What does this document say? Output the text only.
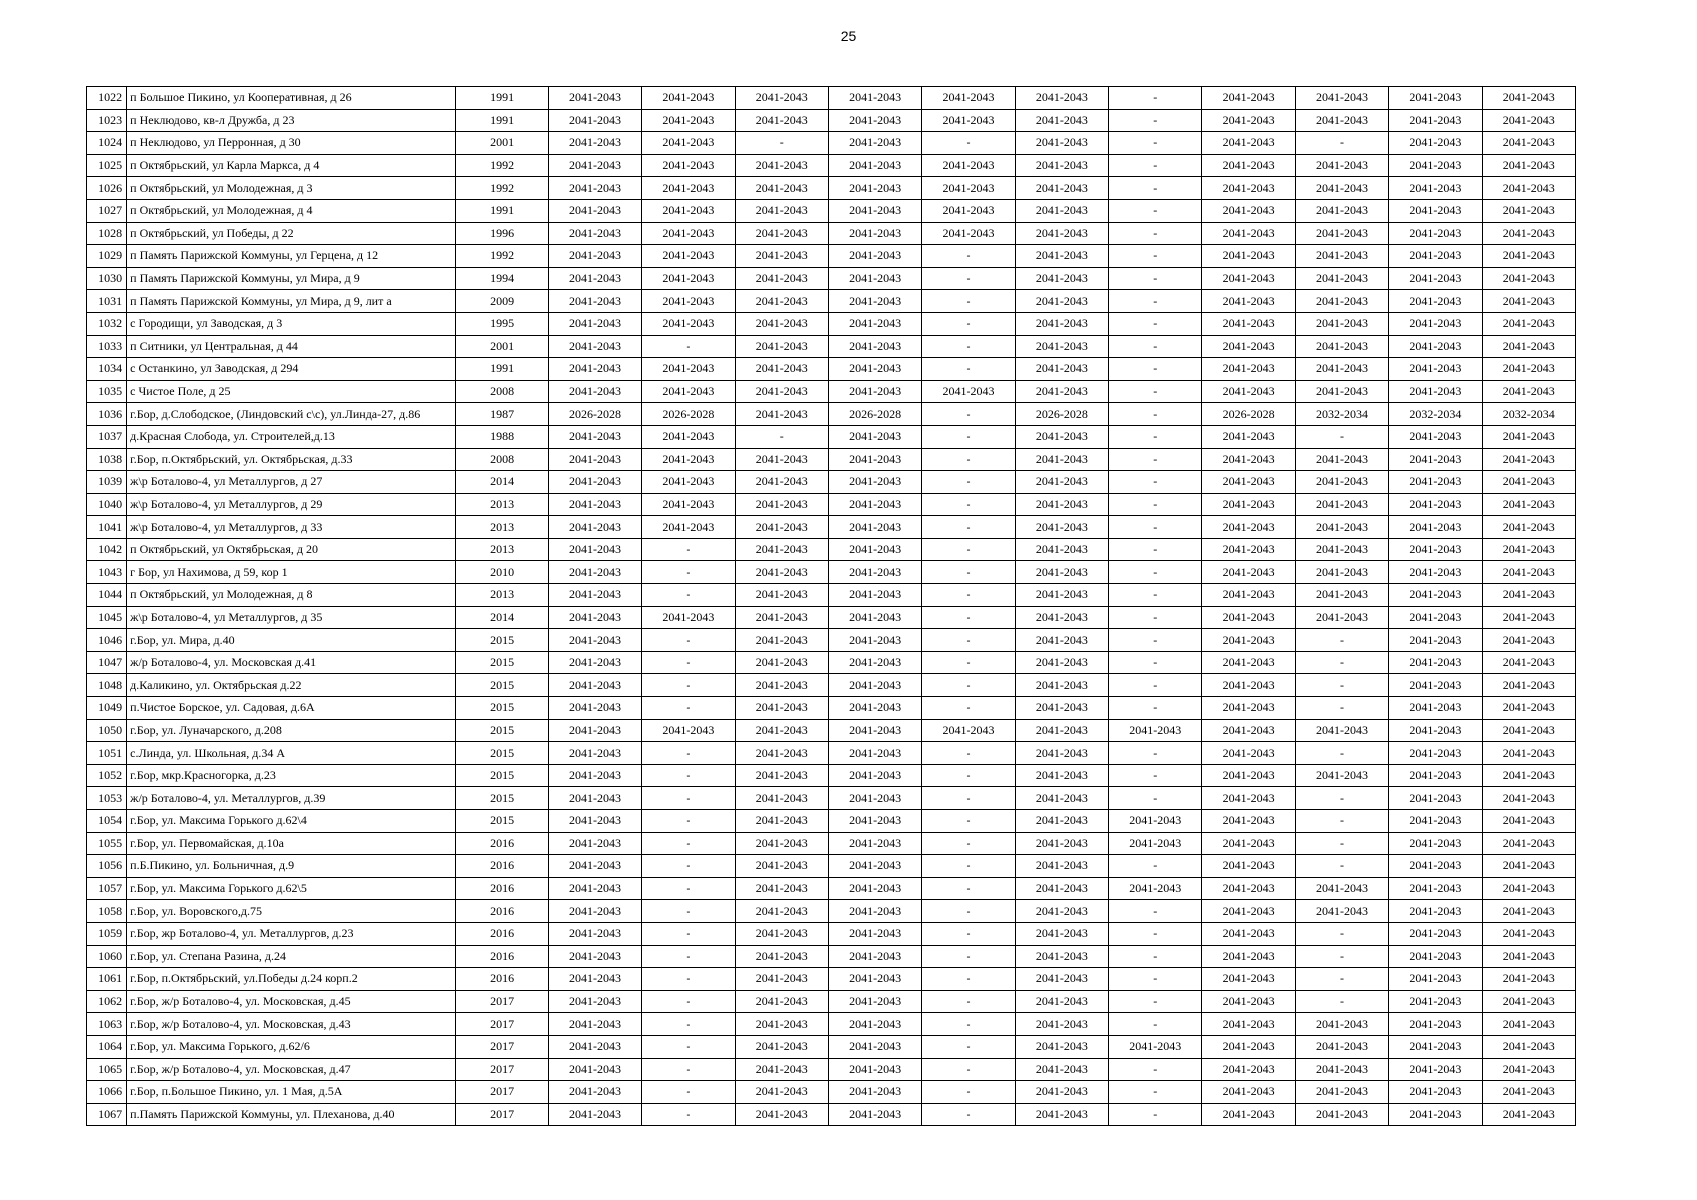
25
1022	п Большое Пикино, ул Кооперативная, д 26	1991	2041-2043	2041-2043	2041-2043	2041-2043	2041-2043	2041-2043	-	2041-2043	2041-2043	2041-2043	2041-2043
1023	п Неклюдово, кв-л Дружба, д 23	1991	2041-2043	2041-2043	2041-2043	2041-2043	2041-2043	2041-2043	-	2041-2043	2041-2043	2041-2043	2041-2043
1024	п Неклюдово, ул Перронная, д 30	2001	2041-2043	2041-2043	-	2041-2043	-	2041-2043	-	2041-2043	-	2041-2043	2041-2043
1025	п Октябрьский, ул Карла Маркса, д 4	1992	2041-2043	2041-2043	2041-2043	2041-2043	2041-2043	2041-2043	-	2041-2043	2041-2043	2041-2043	2041-2043
1026	п Октябрьский, ул Молодежная, д 3	1992	2041-2043	2041-2043	2041-2043	2041-2043	2041-2043	2041-2043	-	2041-2043	2041-2043	2041-2043	2041-2043
1027	п Октябрьский, ул Молодежная, д 4	1991	2041-2043	2041-2043	2041-2043	2041-2043	2041-2043	2041-2043	-	2041-2043	2041-2043	2041-2043	2041-2043
1028	п Октябрьский, ул Победы, д 22	1996	2041-2043	2041-2043	2041-2043	2041-2043	2041-2043	2041-2043	-	2041-2043	2041-2043	2041-2043	2041-2043
1029	п Память Парижской Коммуны, ул Герцена, д 12	1992	2041-2043	2041-2043	2041-2043	2041-2043	-	2041-2043	-	2041-2043	2041-2043	2041-2043	2041-2043
1030	п Память Парижской Коммуны, ул Мира, д 9	1994	2041-2043	2041-2043	2041-2043	2041-2043	-	2041-2043	-	2041-2043	2041-2043	2041-2043	2041-2043
1031	п Память Парижской Коммуны, ул Мира, д 9, лит а	2009	2041-2043	2041-2043	2041-2043	2041-2043	-	2041-2043	-	2041-2043	2041-2043	2041-2043	2041-2043
1032	с Городищи, ул Заводская, д 3	1995	2041-2043	2041-2043	2041-2043	2041-2043	-	2041-2043	-	2041-2043	2041-2043	2041-2043	2041-2043
1033	п Ситники, ул Центральная, д 44	2001	2041-2043	-	2041-2043	2041-2043	-	2041-2043	-	2041-2043	2041-2043	2041-2043	2041-2043
1034	с Останкино, ул Заводская, д 294	1991	2041-2043	2041-2043	2041-2043	2041-2043	-	2041-2043	-	2041-2043	2041-2043	2041-2043	2041-2043
1035	с Чистое Поле, д 25	2008	2041-2043	2041-2043	2041-2043	2041-2043	2041-2043	2041-2043	-	2041-2043	2041-2043	2041-2043	2041-2043
1036	г.Бор, д.Слободское, (Линдовский с\с), ул.Линда-27, д.86	1987	2026-2028	2026-2028	2041-2043	2026-2028	-	2026-2028	-	2026-2028	2032-2034	2032-2034	2032-2034
1037	д.Красная Слобода, ул. Строителей,д.13	1988	2041-2043	2041-2043	-	2041-2043	-	2041-2043	-	2041-2043	-	2041-2043	2041-2043
1038	г.Бор, п.Октябрьский, ул. Октябрьская, д.33	2008	2041-2043	2041-2043	2041-2043	2041-2043	-	2041-2043	-	2041-2043	2041-2043	2041-2043	2041-2043
1039	ж\р Боталово-4, ул Металлургов, д 27	2014	2041-2043	2041-2043	2041-2043	2041-2043	-	2041-2043	-	2041-2043	2041-2043	2041-2043	2041-2043
1040	ж\р Боталово-4, ул Металлургов, д 29	2013	2041-2043	2041-2043	2041-2043	2041-2043	-	2041-2043	-	2041-2043	2041-2043	2041-2043	2041-2043
1041	ж\р Боталово-4, ул Металлургов, д 33	2013	2041-2043	2041-2043	2041-2043	2041-2043	-	2041-2043	-	2041-2043	2041-2043	2041-2043	2041-2043
1042	п Октябрьский, ул Октябрьская, д 20	2013	2041-2043	-	2041-2043	2041-2043	-	2041-2043	-	2041-2043	2041-2043	2041-2043	2041-2043
1043	г Бор, ул Нахимова, д 59, кор 1	2010	2041-2043	-	2041-2043	2041-2043	-	2041-2043	-	2041-2043	2041-2043	2041-2043	2041-2043
1044	п Октябрьский, ул Молодежная, д 8	2013	2041-2043	-	2041-2043	2041-2043	-	2041-2043	-	2041-2043	2041-2043	2041-2043	2041-2043
1045	ж\р Боталово-4, ул Металлургов, д 35	2014	2041-2043	2041-2043	2041-2043	2041-2043	-	2041-2043	-	2041-2043	2041-2043	2041-2043	2041-2043
1046	г.Бор, ул. Мира, д.40	2015	2041-2043	-	2041-2043	2041-2043	-	2041-2043	-	2041-2043	-	2041-2043	2041-2043
1047	ж/р Боталово-4, ул. Московская д.41	2015	2041-2043	-	2041-2043	2041-2043	-	2041-2043	-	2041-2043	-	2041-2043	2041-2043
1048	д.Каликино, ул. Октябрьская д.22	2015	2041-2043	-	2041-2043	2041-2043	-	2041-2043	-	2041-2043	-	2041-2043	2041-2043
1049	п.Чистое Борское, ул. Садовая, д.6А	2015	2041-2043	-	2041-2043	2041-2043	-	2041-2043	-	2041-2043	-	2041-2043	2041-2043
1050	г.Бор, ул. Луначарского, д.208	2015	2041-2043	2041-2043	2041-2043	2041-2043	2041-2043	2041-2043	2041-2043	2041-2043	2041-2043	2041-2043	2041-2043
1051	с.Линда, ул. Школьная, д.34 А	2015	2041-2043	-	2041-2043	2041-2043	-	2041-2043	-	2041-2043	-	2041-2043	2041-2043
1052	г.Бор, мкр.Красногорка, д.23	2015	2041-2043	-	2041-2043	2041-2043	-	2041-2043	-	2041-2043	2041-2043	2041-2043	2041-2043
1053	ж/р Боталово-4, ул. Металлургов, д.39	2015	2041-2043	-	2041-2043	2041-2043	-	2041-2043	-	2041-2043	-	2041-2043	2041-2043
1054	г.Бор, ул. Максима Горького д.62\4	2015	2041-2043	-	2041-2043	2041-2043	-	2041-2043	2041-2043	2041-2043	-	2041-2043	2041-2043
1055	г.Бор, ул. Первомайская, д.10а	2016	2041-2043	-	2041-2043	2041-2043	-	2041-2043	2041-2043	2041-2043	-	2041-2043	2041-2043
1056	п.Б.Пикино, ул. Больничная, д.9	2016	2041-2043	-	2041-2043	2041-2043	-	2041-2043	-	2041-2043	-	2041-2043	2041-2043
1057	г.Бор, ул. Максима Горького д.62\5	2016	2041-2043	-	2041-2043	2041-2043	-	2041-2043	2041-2043	2041-2043	2041-2043	2041-2043	2041-2043
1058	г.Бор, ул. Воровского,д.75	2016	2041-2043	-	2041-2043	2041-2043	-	2041-2043	-	2041-2043	2041-2043	2041-2043	2041-2043
1059	г.Бор, жр Боталово-4, ул. Металлургов, д.23	2016	2041-2043	-	2041-2043	2041-2043	-	2041-2043	-	2041-2043	-	2041-2043	2041-2043
1060	г.Бор, ул. Степана Разина, д.24	2016	2041-2043	-	2041-2043	2041-2043	-	2041-2043	-	2041-2043	-	2041-2043	2041-2043
1061	г.Бор, п.Октябрьский, ул.Победы д.24 корп.2	2016	2041-2043	-	2041-2043	2041-2043	-	2041-2043	-	2041-2043	-	2041-2043	2041-2043
1062	г.Бор, ж/р Боталово-4, ул. Московская, д.45	2017	2041-2043	-	2041-2043	2041-2043	-	2041-2043	-	2041-2043	-	2041-2043	2041-2043
1063	г.Бор, ж/р Боталово-4, ул. Московская, д.43	2017	2041-2043	-	2041-2043	2041-2043	-	2041-2043	-	2041-2043	2041-2043	2041-2043	2041-2043
1064	г.Бор, ул. Максима Горького, д.62/6	2017	2041-2043	-	2041-2043	2041-2043	-	2041-2043	2041-2043	2041-2043	2041-2043	2041-2043	2041-2043
1065	г.Бор, ж/р Боталово-4, ул. Московская, д.47	2017	2041-2043	-	2041-2043	2041-2043	-	2041-2043	-	2041-2043	2041-2043	2041-2043	2041-2043
1066	г.Бор, п.Большое Пикино, ул. 1 Мая, д.5А	2017	2041-2043	-	2041-2043	2041-2043	-	2041-2043	-	2041-2043	2041-2043	2041-2043	2041-2043
1067	п.Память Парижской Коммуны, ул. Плеханова, д.40	2017	2041-2043	-	2041-2043	2041-2043	-	2041-2043	-	2041-2043	2041-2043	2041-2043	2041-2043
